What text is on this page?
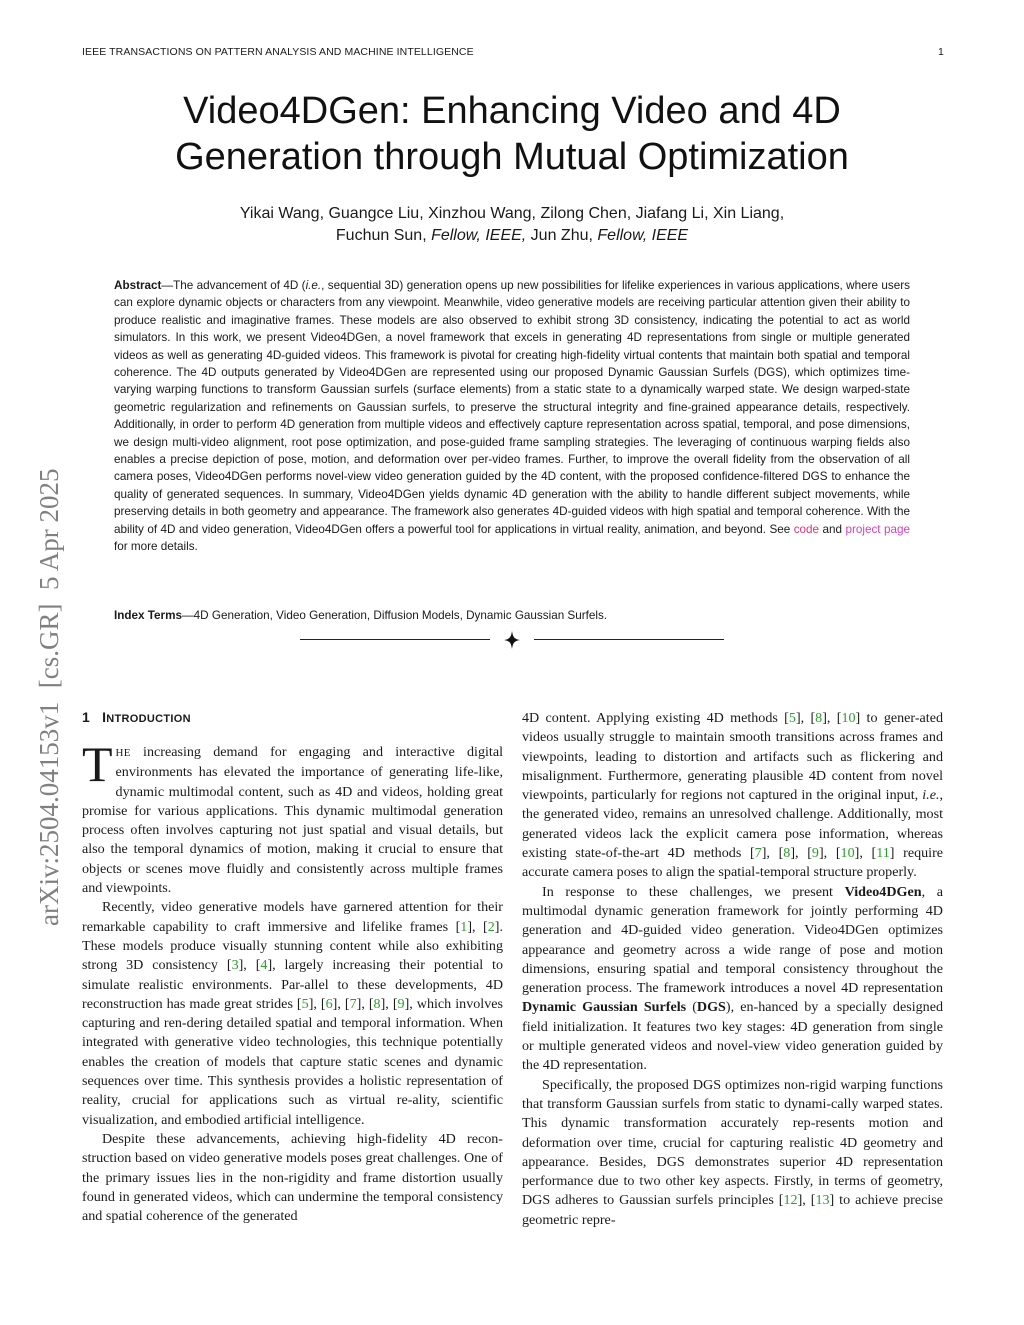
IEEE TRANSACTIONS ON PATTERN ANALYSIS AND MACHINE INTELLIGENCE	1
arXiv:2504.04153v1  [cs.GR]  5 Apr 2025
Video4DGen: Enhancing Video and 4D
Generation through Mutual Optimization
Yikai Wang, Guangce Liu, Xinzhou Wang, Zilong Chen, Jiafang Li, Xin Liang,
Fuchun Sun, Fellow, IEEE, Jun Zhu, Fellow, IEEE
Abstract—The advancement of 4D (i.e., sequential 3D) generation opens up new possibilities for lifelike experiences in various applications, where users can explore dynamic objects or characters from any viewpoint. Meanwhile, video generative models are receiving particular attention given their ability to produce realistic and imaginative frames. These models are also observed to exhibit strong 3D consistency, indicating the potential to act as world simulators. In this work, we present Video4DGen, a novel framework that excels in generating 4D representations from single or multiple generated videos as well as generating 4D-guided videos. This framework is pivotal for creating high-fidelity virtual contents that maintain both spatial and temporal coherence. The 4D outputs generated by Video4DGen are represented using our proposed Dynamic Gaussian Surfels (DGS), which optimizes time-varying warping functions to transform Gaussian surfels (surface elements) from a static state to a dynamically warped state. We design warped-state geometric regularization and refinements on Gaussian surfels, to preserve the structural integrity and fine-grained appearance details, respectively. Additionally, in order to perform 4D generation from multiple videos and effectively capture representation across spatial, temporal, and pose dimensions, we design multi-video alignment, root pose optimization, and pose-guided frame sampling strategies. The leveraging of continuous warping fields also enables a precise depiction of pose, motion, and deformation over per-video frames. Further, to improve the overall fidelity from the observation of all camera poses, Video4DGen performs novel-view video generation guided by the 4D content, with the proposed confidence-filtered DGS to enhance the quality of generated sequences. In summary, Video4DGen yields dynamic 4D generation with the ability to handle different subject movements, while preserving details in both geometry and appearance. The framework also generates 4D-guided videos with high spatial and temporal coherence. With the ability of 4D and video generation, Video4DGen offers a powerful tool for applications in virtual reality, animation, and beyond. See code and project page for more details.
Index Terms—4D Generation, Video Generation, Diffusion Models, Dynamic Gaussian Surfels.
1 INTRODUCTION

THE increasing demand for engaging and interactive digital environments has elevated the importance of generating life-like, dynamic multimodal content, such as 4D and videos, holding great promise for various applications. This dynamic multimodal generation process often involves capturing not just spatial and visual details, but also the temporal dynamics of motion, making it crucial to ensure that objects or scenes move fluidly and consistently across multiple frames and viewpoints.

Recently, video generative models have garnered attention for their remarkable capability to craft immersive and lifelike frames [1], [2]. These models produce visually stunning content while also exhibiting strong 3D consistency [3], [4], largely increasing their potential to simulate realistic environments. Par-allel to these developments, 4D reconstruction has made great strides [5], [6], [7], [8], [9], which involves capturing and ren-dering detailed spatial and temporal information. When integrated with generative video technologies, this technique potentially enables the creation of models that capture static scenes and dynamic sequences over time. This synthesis provides a holistic representation of reality, crucial for applications such as virtual re-ality, scientific visualization, and embodied artificial intelligence.

Despite these advancements, achieving high-fidelity 4D recon-struction based on video generative models poses great challenges. One of the primary issues lies in the non-rigidity and frame distortion usually found in generated videos, which can undermine the temporal consistency and spatial coherence of the generated

4D content. Applying existing 4D methods [5], [8], [10] to gener-ated videos usually struggle to maintain smooth transitions across frames and viewpoints, leading to distortion and artifacts such as flickering and misalignment. Furthermore, generating plausible 4D content from novel viewpoints, particularly for regions not captured in the original input, i.e., the generated video, remains an unresolved challenge. Additionally, most generated videos lack the explicit camera pose information, whereas existing state-of-the-art 4D methods [7], [8], [9], [10], [11] require accurate camera poses to align the spatial-temporal structure properly.

In response to these challenges, we present Video4DGen, a multimodal dynamic generation framework for jointly performing 4D generation and 4D-guided video generation. Video4DGen optimizes appearance and geometry across a wide range of pose and motion dimensions, ensuring spatial and temporal consistency throughout the generation process. The framework introduces a novel 4D representation Dynamic Gaussian Surfels (DGS), en-hanced by a specially designed field initialization. It features two key stages: 4D generation from single or multiple generated videos and novel-view video generation guided by the 4D representation.

Specifically, the proposed DGS optimizes non-rigid warping functions that transform Gaussian surfels from static to dynami-cally warped states. This dynamic transformation accurately rep-resents motion and deformation over time, crucial for capturing realistic 4D geometry and appearance. Besides, DGS demonstrates superior 4D representation performance due to two other key aspects. Firstly, in terms of geometry, DGS adheres to Gaussian surfels principles [12], [13] to achieve precise geometric repre-
